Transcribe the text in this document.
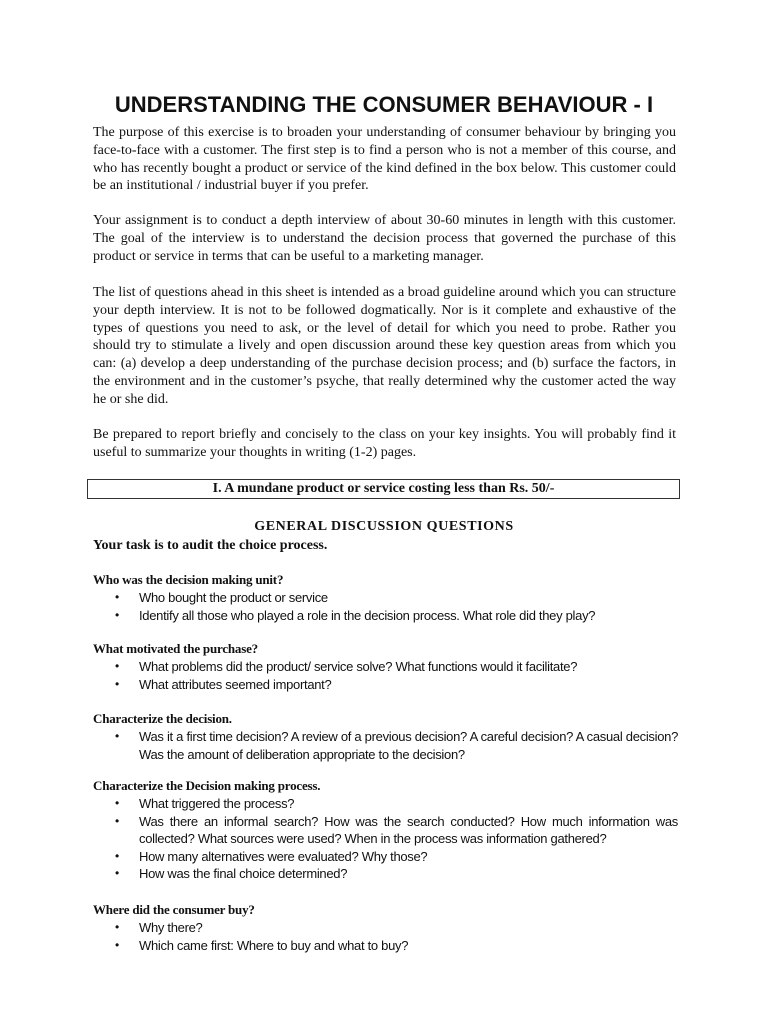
UNDERSTANDING THE CONSUMER BEHAVIOUR - I

The purpose of this exercise is to broaden your understanding of consumer behaviour by bringing you face-to-face with a customer. The first step is to find a person who is not a member of this course, and who has recently bought a product or service of the kind defined in the box below. This customer could be an institutional / industrial buyer if you prefer.

Your assignment is to conduct a depth interview of about 30-60 minutes in length with this customer. The goal of the interview is to understand the decision process that governed the purchase of this product or service in terms that can be useful to a marketing manager.

The list of questions ahead in this sheet is intended as a broad guideline around which you can structure your depth interview. It is not to be followed dogmatically. Nor is it complete and exhaustive of the types of questions you need to ask, or the level of detail for which you need to probe. Rather you should try to stimulate a lively and open discussion around these key question areas from which you can: (a) develop a deep understanding of the purchase decision process; and (b) surface the factors, in the environment and in the customer’s psyche, that really determined why the customer acted the way he or she did.

Be prepared to report briefly and concisely to the class on your key insights. You will probably find it useful to summarize your thoughts in writing (1-2) pages.

I. A mundane product or service costing less than Rs. 50/-
GENERAL DISCUSSION QUESTIONS

Your task is to audit the choice process.

Who was the decision making unit?

• Who bought the product or service
• Identify all those who played a role in the decision process. What role did they play?

What motivated the purchase?

• What problems did the product/ service solve? What functions would it facilitate?
• What attributes seemed important?

Characterize the decision.

• Was it a first time decision? A review of a previous decision? A careful decision? A casual decision? Was the amount of deliberation appropriate to the decision?

Characterize the Decision making process.

• What triggered the process?
• Was there an informal search? How was the search conducted? How much information was collected? What sources were used? When in the process was information gathered?
• How many alternatives were evaluated? Why those?
• How was the final choice determined?

Where did the consumer buy?

• Why there?
• Which came first: Where to buy and what to buy?
